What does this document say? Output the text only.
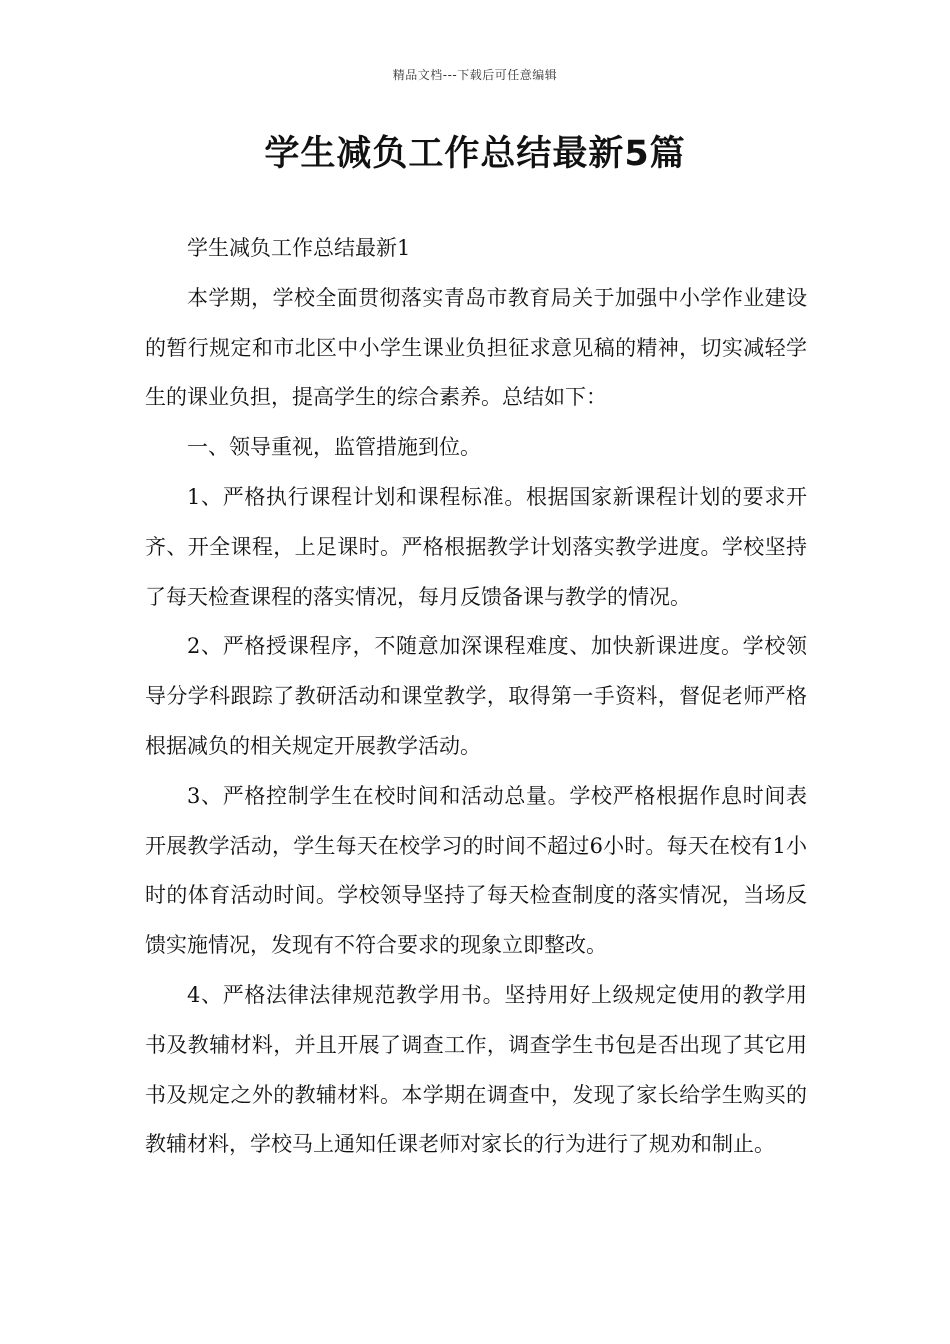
精品文档---下载后可任意编辑
学生减负工作总结最新5篇

学生减负工作总结最新1

本学期，学校全面贯彻落实青岛市教育局关于加强中小学作业建设的暂行规定和市北区中小学生课业负担征求意见稿的精神，切实减轻学生的课业负担，提高学生的综合素养。总结如下：

一、领导重视，监管措施到位。

1、严格执行课程计划和课程标准。根据国家新课程计划的要求开齐、开全课程，上足课时。严格根据教学计划落实教学进度。学校坚持了每天检查课程的落实情况，每月反馈备课与教学的情况。

2、严格授课程序，不随意加深课程难度、加快新课进度。学校领导分学科跟踪了教研活动和课堂教学，取得第一手资料，督促老师严格根据减负的相关规定开展教学活动。

3、严格控制学生在校时间和活动总量。学校严格根据作息时间表开展教学活动，学生每天在校学习的时间不超过6小时。每天在校有1小时的体育活动时间。学校领导坚持了每天检查制度的落实情况，当场反馈实施情况，发现有不符合要求的现象立即整改。

4、严格法律法律规范教学用书。坚持用好上级规定使用的教学用书及教辅材料，并且开展了调查工作，调查学生书包是否出现了其它用书及规定之外的教辅材料。本学期在调查中，发现了家长给学生购买的教辅材料，学校马上通知任课老师对家长的行为进行了规劝和制止。
